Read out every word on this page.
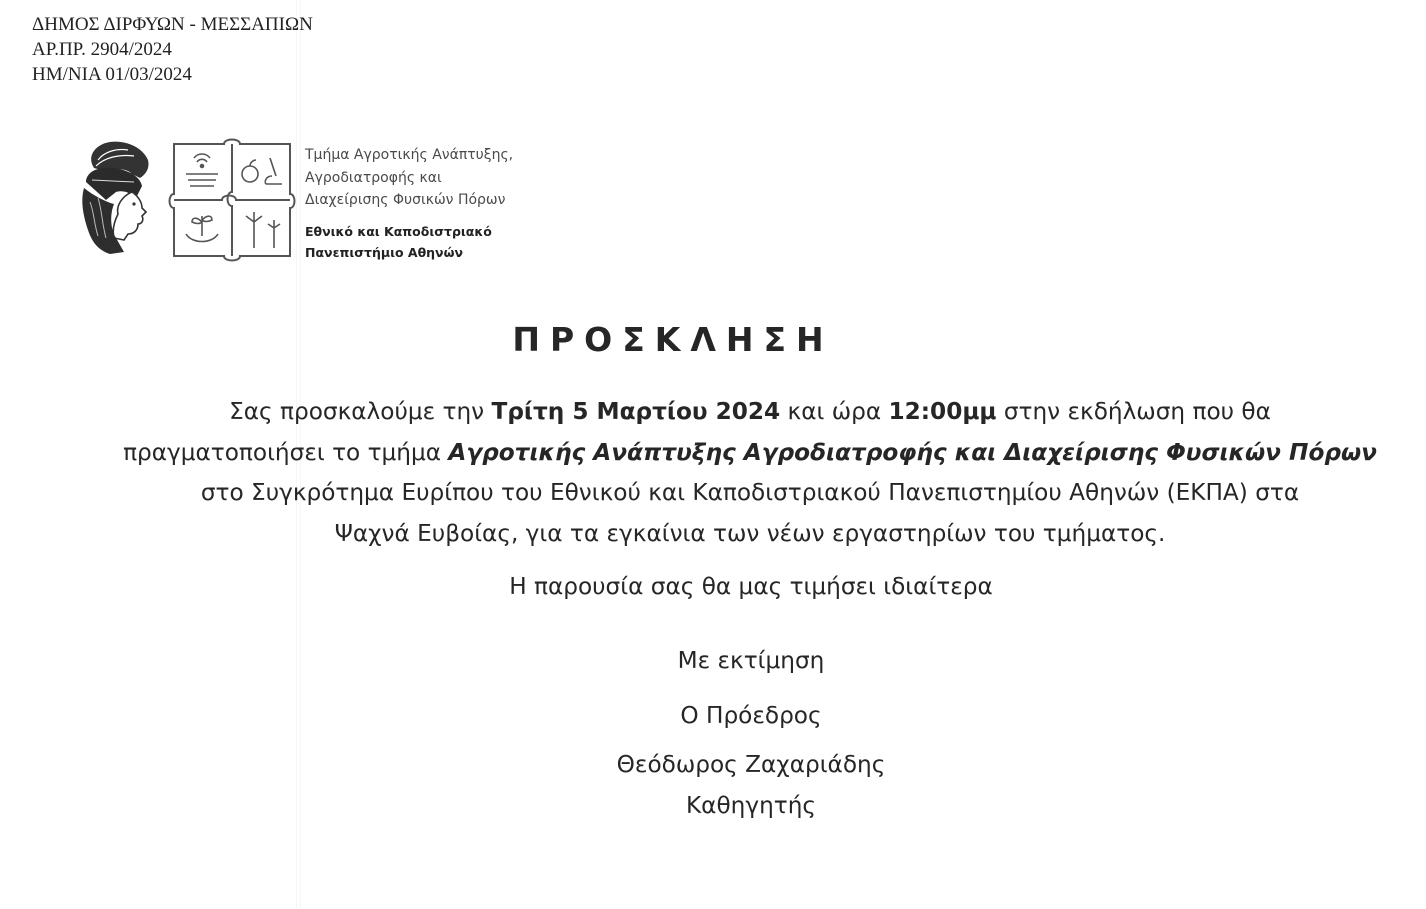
ΔΗΜΟΣ ΔΙΡΦΥΩΝ - ΜΕΣΣΑΠΙΩΝ
ΑΡ.ΠΡ. 2904/2024
ΗΜ/ΝΙΑ 01/03/2024
Τμήμα Αγροτικής Ανάπτυξης,
Αγροδιατροφής και
Διαχείρισης Φυσικών Πόρων
Εθνικό και Καποδιστριακό
Πανεπιστήμιο Αθηνών
ΠΡΟΣΚΛΗΣΗ
Σας προσκαλούμε την Τρίτη 5 Μαρτίου 2024 και ώρα 12:00μμ στην εκδήλωση που θα
πραγματοποιήσει το τμήμα Αγροτικής Ανάπτυξης Αγροδιατροφής και Διαχείρισης Φυσικών Πόρων
στο Συγκρότημα Ευρίπου του Εθνικού και Καποδιστριακού Πανεπιστημίου Αθηνών (ΕΚΠΑ) στα
Ψαχνά Ευβοίας, για τα εγκαίνια των νέων εργαστηρίων του τμήματος.
Η παρουσία σας θα μας τιμήσει ιδιαίτερα
Με εκτίμηση
Ο Πρόεδρος
Θεόδωρος Ζαχαριάδης
Καθηγητής
